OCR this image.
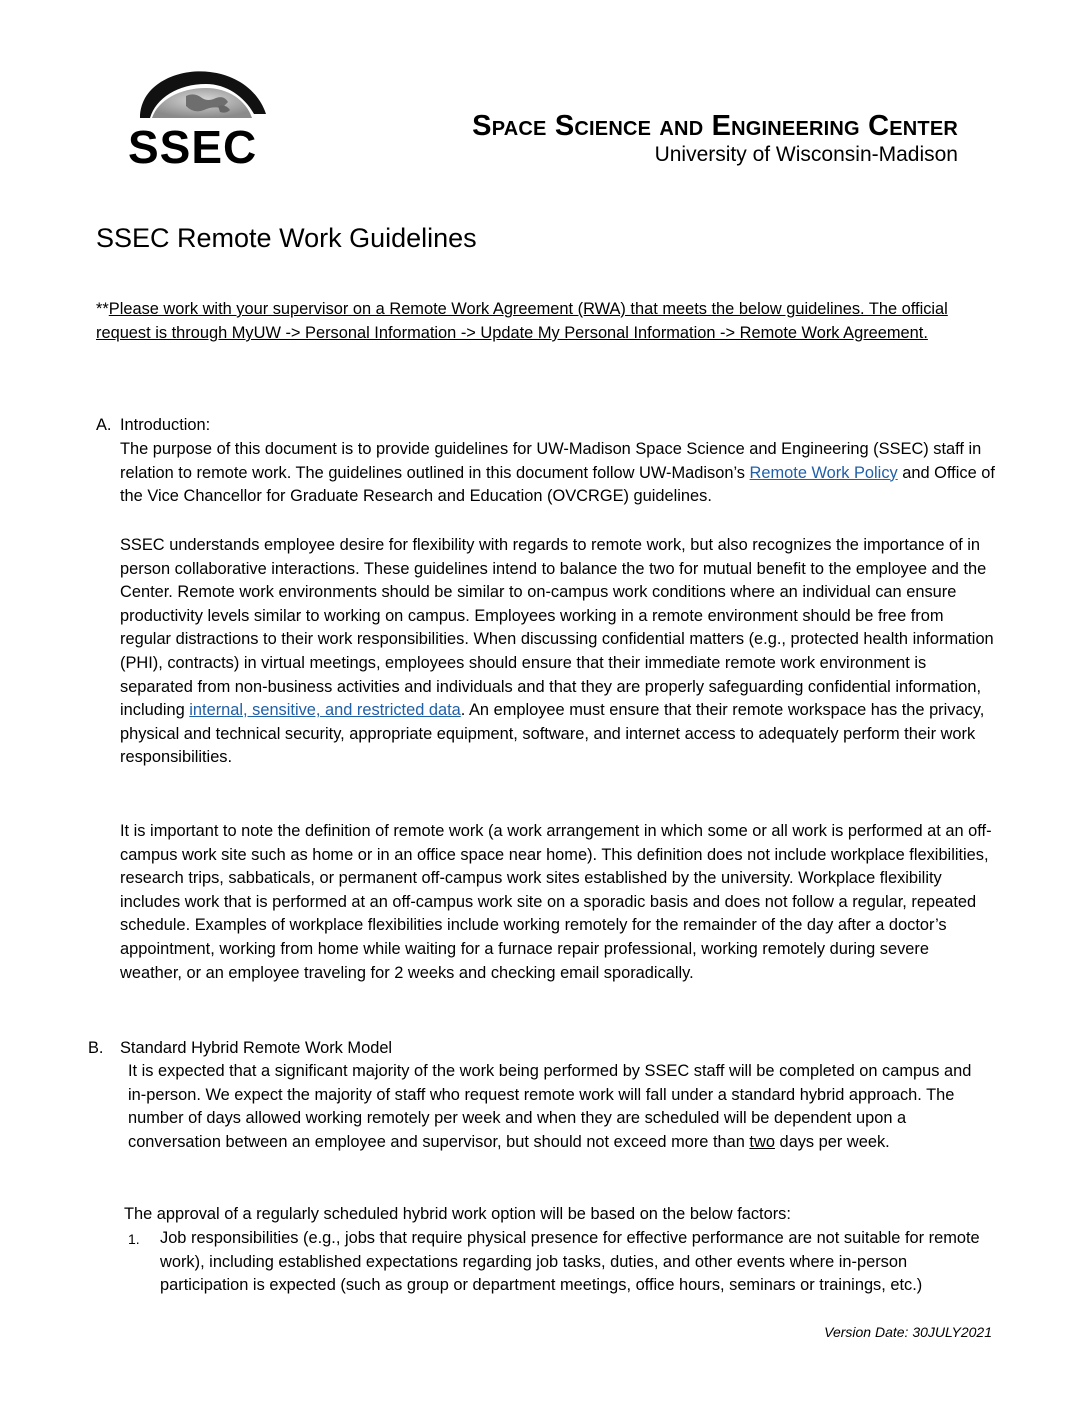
SSEC	Space Science and Engineering Center
University of Wisconsin-Madison
SSEC Remote Work Guidelines
**Please work with your supervisor on a Remote Work Agreement (RWA) that meets the below guidelines. The official request is through MyUW -> Personal Information -> Update My Personal Information -> Remote Work Agreement.
A. Introduction:
The purpose of this document is to provide guidelines for UW-Madison Space Science and Engineering (SSEC) staff in relation to remote work. The guidelines outlined in this document follow UW-Madison’s Remote Work Policy and Office of the Vice Chancellor for Graduate Research and Education (OVCRGE) guidelines.
SSEC understands employee desire for flexibility with regards to remote work, but also recognizes the importance of in person collaborative interactions. These guidelines intend to balance the two for mutual benefit to the employee and the Center. Remote work environments should be similar to on-campus work conditions where an individual can ensure productivity levels similar to working on campus. Employees working in a remote environment should be free from regular distractions to their work responsibilities. When discussing confidential matters (e.g., protected health information (PHI), contracts) in virtual meetings, employees should ensure that their immediate remote work environment is separated from non-business activities and individuals and that they are properly safeguarding confidential information, including internal, sensitive, and restricted data. An employee must ensure that their remote workspace has the privacy, physical and technical security, appropriate equipment, software, and internet access to adequately perform their work responsibilities.
It is important to note the definition of remote work (a work arrangement in which some or all work is performed at an off-campus work site such as home or in an office space near home). This definition does not include workplace flexibilities, research trips, sabbaticals, or permanent off-campus work sites established by the university. Workplace flexibility includes work that is performed at an off-campus work site on a sporadic basis and does not follow a regular, repeated schedule. Examples of workplace flexibilities include working remotely for the remainder of the day after a doctor’s appointment, working from home while waiting for a furnace repair professional, working remotely during severe weather, or an employee traveling for 2 weeks and checking email sporadically.
B. Standard Hybrid Remote Work Model
It is expected that a significant majority of the work being performed by SSEC staff will be completed on campus and in-person. We expect the majority of staff who request remote work will fall under a standard hybrid approach. The number of days allowed working remotely per week and when they are scheduled will be dependent upon a conversation between an employee and supervisor, but should not exceed more than two days per week.
The approval of a regularly scheduled hybrid work option will be based on the below factors:
1. Job responsibilities (e.g., jobs that require physical presence for effective performance are not suitable for remote work), including established expectations regarding job tasks, duties, and other events where in-person participation is expected (such as group or department meetings, office hours, seminars or trainings, etc.)
Version Date: 30JULY2021
